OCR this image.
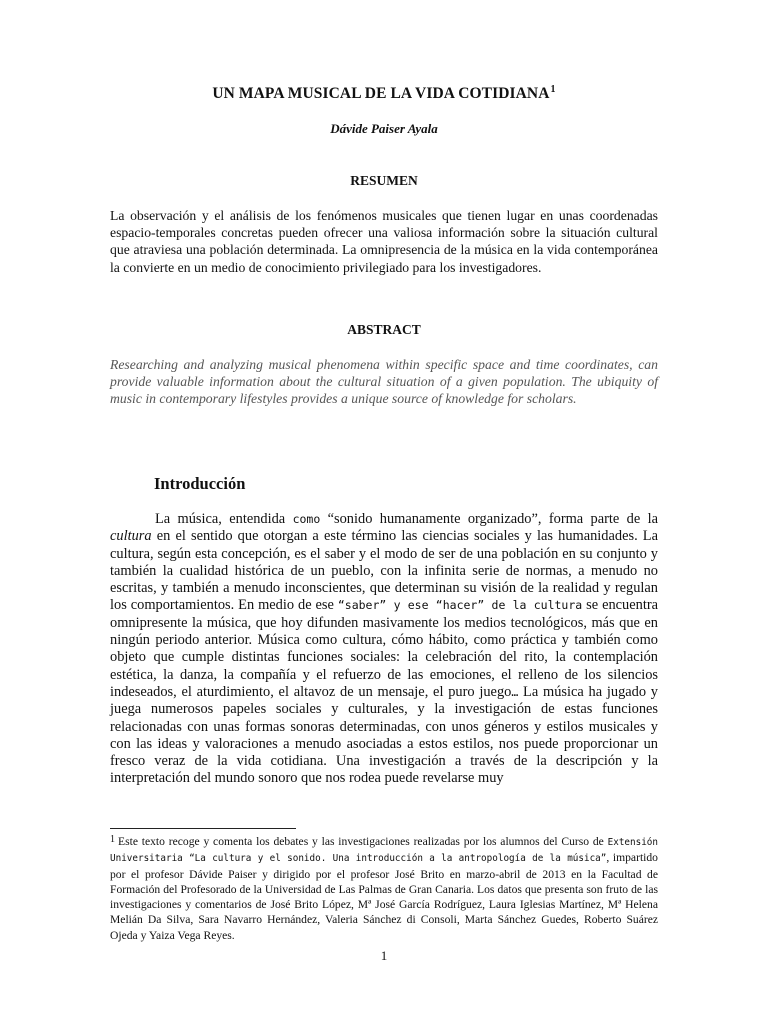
UN MAPA MUSICAL DE LA VIDA COTIDIANA$^1$
Dávide Paiser Ayala
RESUMEN
La observación y el análisis de los fenómenos musicales que tienen lugar en unas coordenadas espacio-temporales concretas pueden ofrecer una valiosa información sobre la situación cultural que atraviesa una población determinada. La omnipresencia de la música en la vida contemporánea la convierte en un medio de conocimiento privilegiado para los investigadores.
ABSTRACT
Researching and analyzing musical phenomena within specific space and time coordinates, can provide valuable information about the cultural situation of a given population. The ubiquity of music in contemporary lifestyles provides a unique source of knowledge for scholars.
Introducción
La música, entendida como “sonido humanamente organizado”, forma parte de la cultura en el sentido que otorgan a este término las ciencias sociales y las humanidades. La cultura, según esta concepción, es el saber y el modo de ser de una población en su conjunto y también la cualidad histórica de un pueblo, con la infinita serie de normas, a menudo no escritas, y también a menudo inconscientes, que determinan su visión de la realidad y regulan los comportamientos. En medio de ese “saber” y ese “hacer” de la cultura se encuentra omnipresente la música, que hoy difunden masivamente los medios tecnológicos, más que en ningún periodo anterior. Música como cultura, cómo hábito, como práctica y también como objeto que cumple distintas funciones sociales: la celebración del rito, la contemplación estética, la danza, la compañía y el refuerzo de las emociones, el relleno de los silencios indeseados, el aturdimiento, el altavoz de un mensaje, el puro juego… La música ha jugado y juega numerosos papeles sociales y culturales, y la investigación de estas funciones relacionadas con unas formas sonoras determinadas, con unos géneros y estilos musicales y con las ideas y valoraciones a menudo asociadas a estos estilos, nos puede proporcionar un fresco veraz de la vida cotidiana. Una investigación a través de la descripción y la interpretación del mundo sonoro que nos rodea puede revelarse muy
$^1$ Este texto recoge y comenta los debates y las investigaciones realizadas por los alumnos del Curso de Extensión Universitaria “La cultura y el sonido. Una introducción a la antropología de la música”, impartido por el profesor Dávide Paiser y dirigido por el profesor José Brito en marzo-abril de 2013 en la Facultad de Formación del Profesorado de la Universidad de Las Palmas de Gran Canaria. Los datos que presenta son fruto de las investigaciones y comentarios de José Brito López, Mª José García Rodríguez, Laura Iglesias Martínez, Mª Helena Melián Da Silva, Sara Navarro Hernández, Valeria Sánchez di Consoli, Marta Sánchez Guedes, Roberto Suárez Ojeda y Yaiza Vega Reyes.
1
